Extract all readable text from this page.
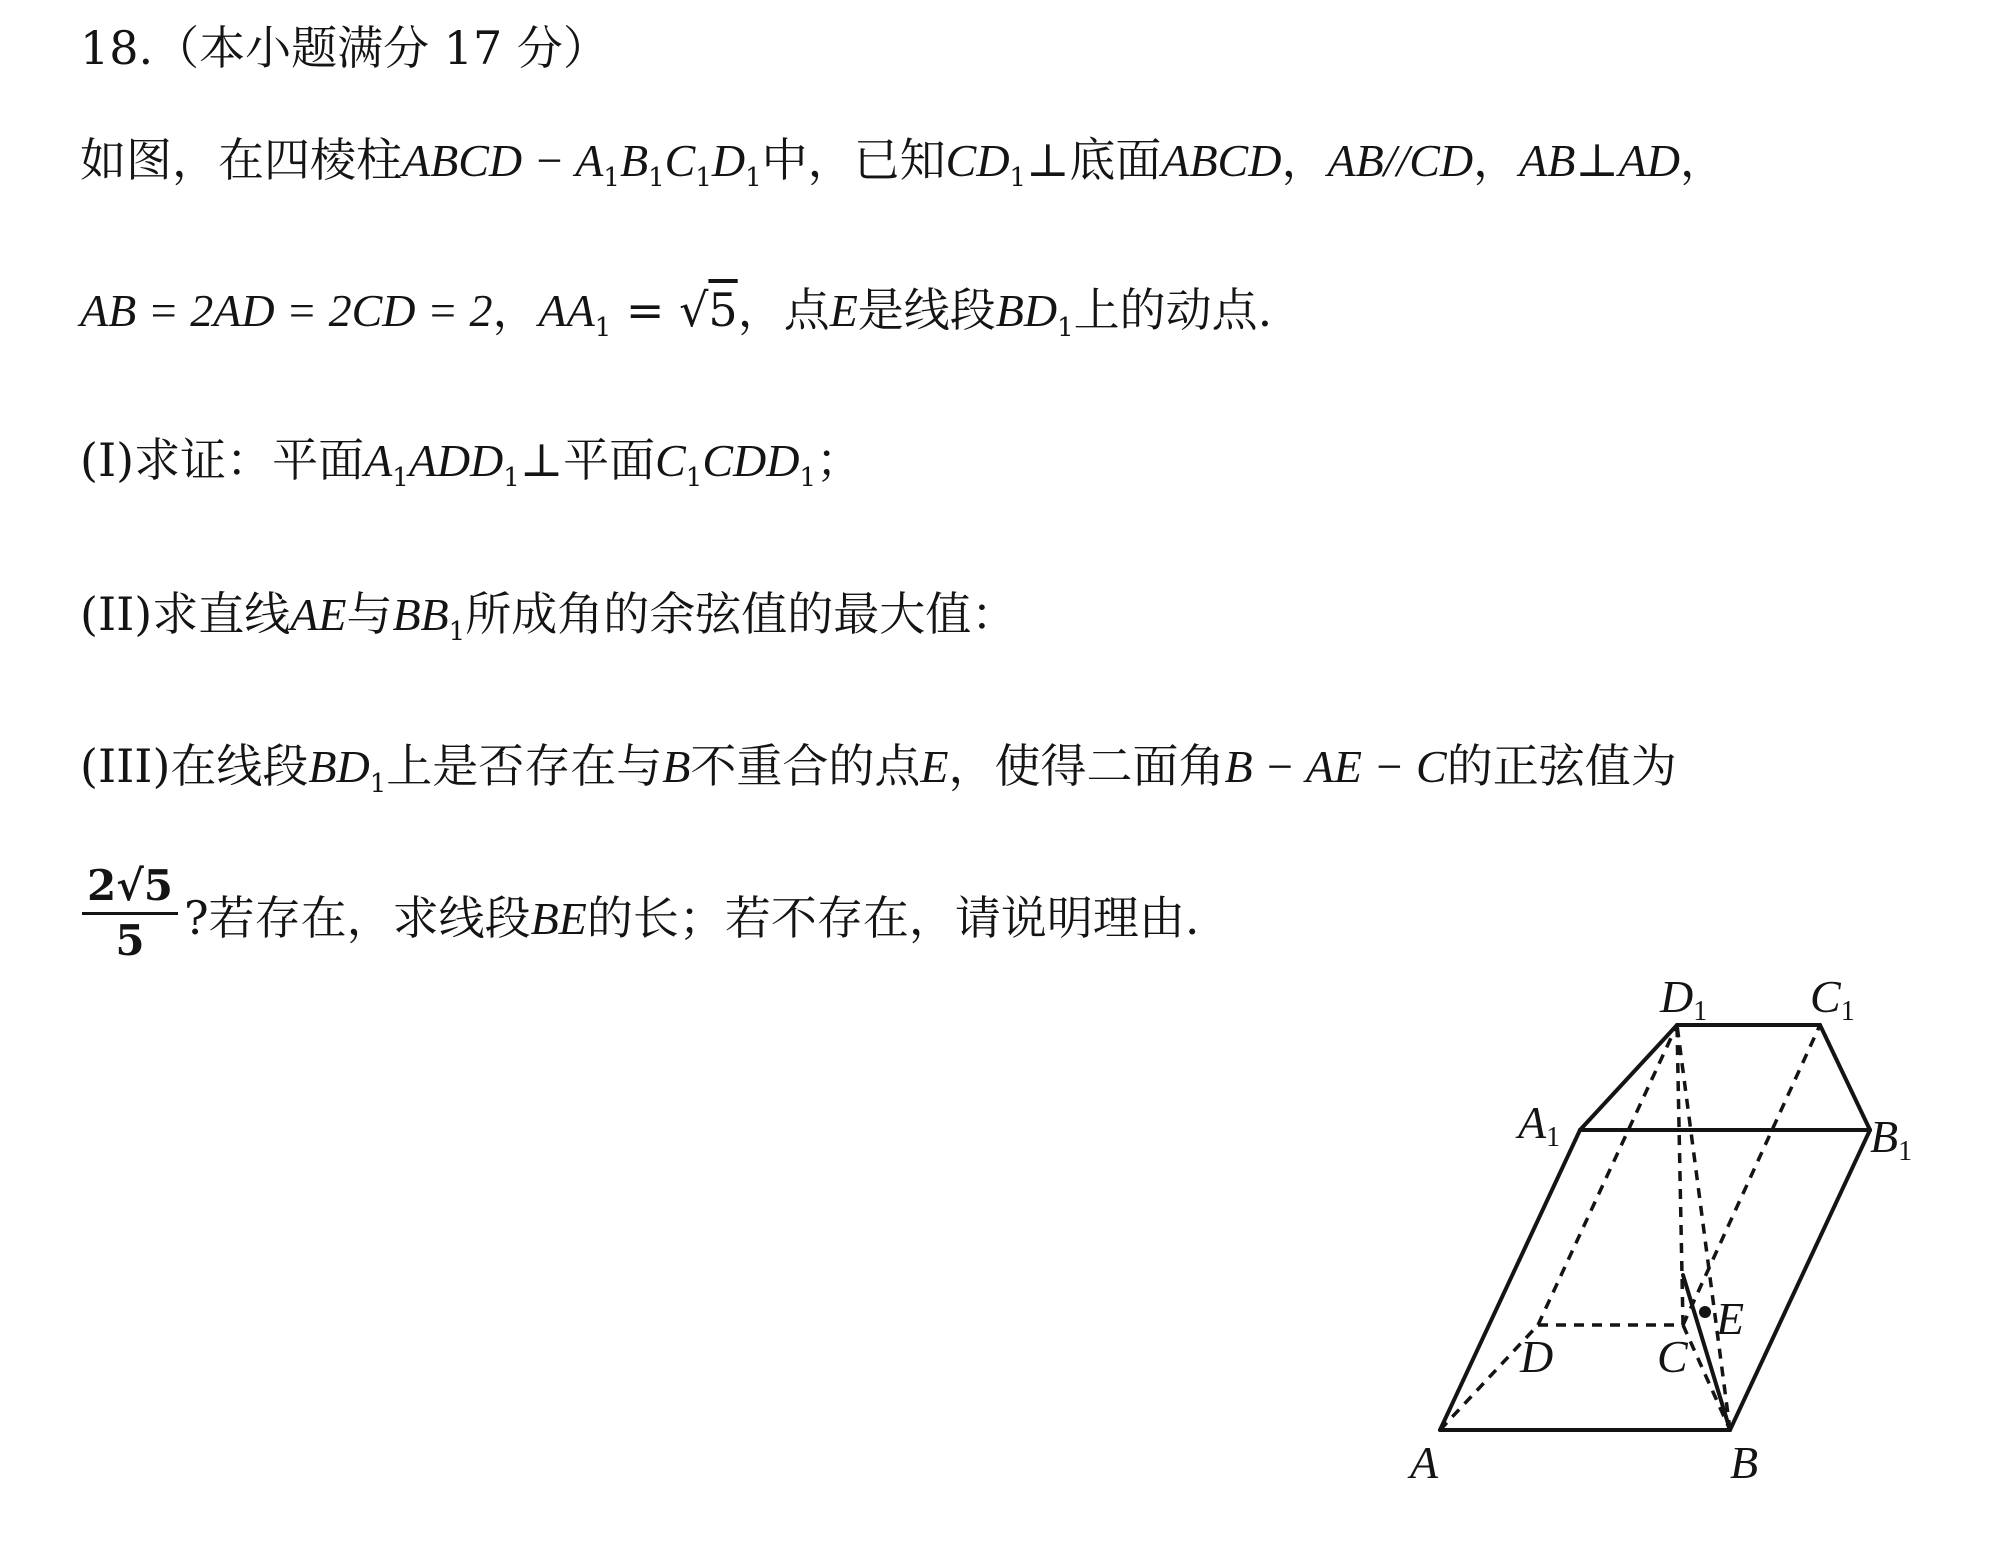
18.（本小题满分 17 分）
如图，在四棱柱ABCD − $A_1B_1C_1D_1$中，已知$CD_1\perp$底面ABCD，AB//CD，AB⊥AD，
AB = 2AD = 2CD = 2，$AA_1 = √5$，点E是线段$BD_1$上的动点.
(I)求证：平面$A_1ADD_1\perp$平面$C_1CDD_1$；
(II)求直线AE与$BB_1$所成角的余弦值的最大值：
(III)在线段$BD_1$上是否存在与B不重合的点E，使得二面角B − AE − C的正弦值为
$\frac{2√5}{5}$ ?若存在，求线段BE的长；若不存在，请说明理由.
A	B
C
D
E
A1	B1
C1
D1
